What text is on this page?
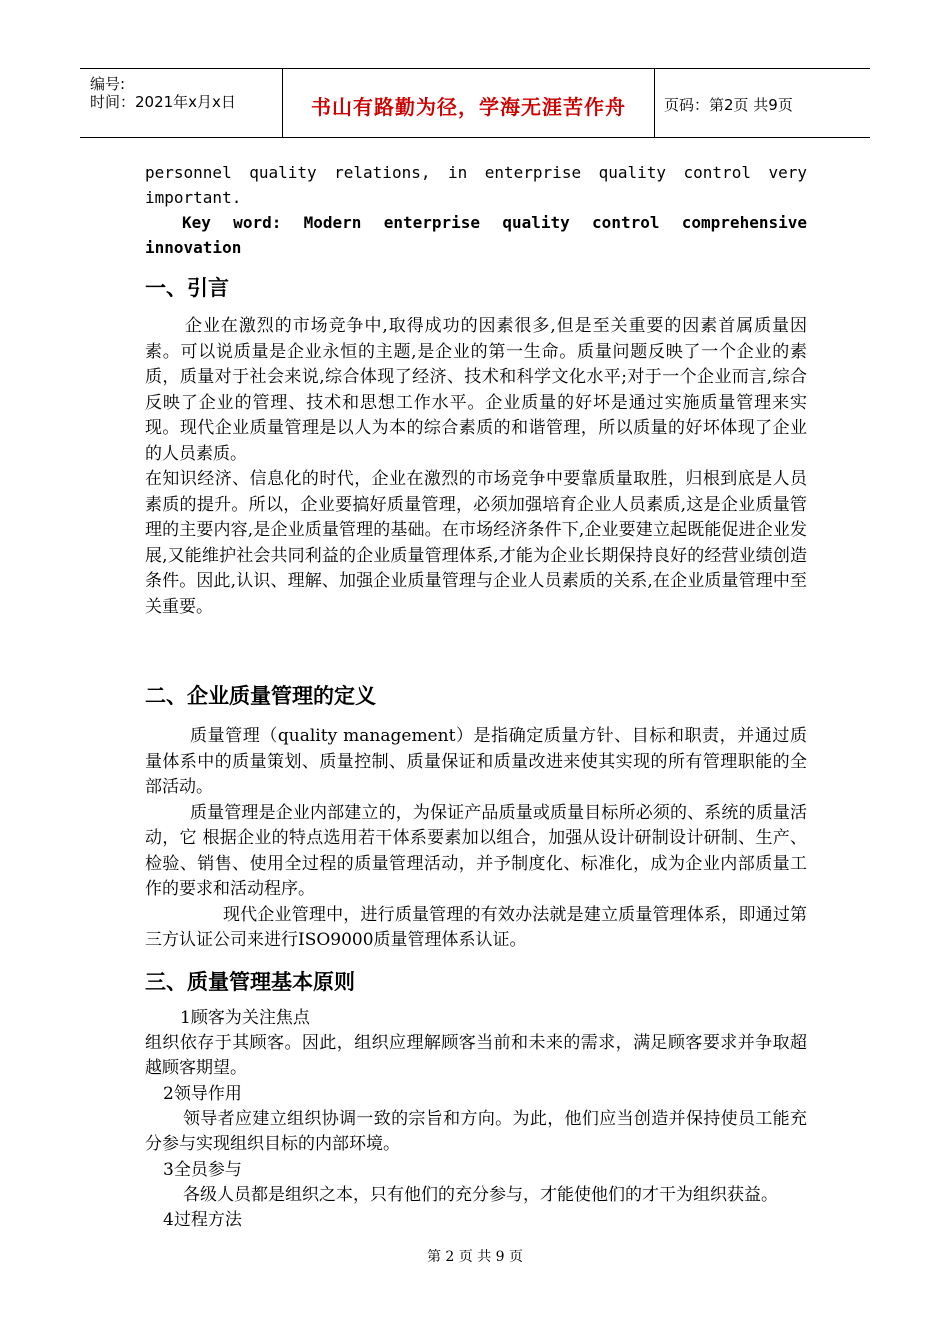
编号:
时间：2021年x月x日	书山有路勤为径，学海无涯苦作舟	页码：第2页 共9页
personnel quality relations, in enterprise quality control very
important.
Key word: Modern enterprise quality control comprehensive
innovation
一、引言

企业在激烈的市场竞争中,取得成功的因素很多,但是至关重要的因素首属质量因素。可以说质量是企业永恒的主题,是企业的第一生命。质量问题反映了一个企业的素质，质量对于社会来说,综合体现了经济、技术和科学文化水平;对于一个企业而言,综合反映了企业的管理、技术和思想工作水平。企业质量的好坏是通过实施质量管理来实现。现代企业质量管理是以人为本的综合素质的和谐管理，所以质量的好坏体现了企业的人员素质。

在知识经济、信息化的时代，企业在激烈的市场竞争中要靠质量取胜，归根到底是人员素质的提升。所以，企业要搞好质量管理，必须加强培育企业人员素质,这是企业质量管理的主要内容,是企业质量管理的基础。在市场经济条件下,企业要建立起既能促进企业发展,又能维护社会共同利益的企业质量管理体系,才能为企业长期保持良好的经营业绩创造条件。因此,认识、理解、加强企业质量管理与企业人员素质的关系,在企业质量管理中至关重要。

二、企业质量管理的定义

质量管理（quality management）是指确定质量方针、目标和职责，并通过质量体系中的质量策划、质量控制、质量保证和质量改进来使其实现的所有管理职能的全部活动。

质量管理是企业内部建立的，为保证产品质量或质量目标所必须的、系统的质量活动，它 根据企业的特点选用若干体系要素加以组合，加强从设计研制设计研制、生产、检验、销售、使用全过程的质量管理活动，并予制度化、标准化，成为企业内部质量工作的要求和活动程序。

现代企业管理中，进行质量管理的有效办法就是建立质量管理体系，即通过第三方认证公司来进行ISO9000质量管理体系认证。

三、质量管理基本原则
1顾客为关注焦点

组织依存于其顾客。因此，组织应理解顾客当前和未来的需求，满足顾客要求并争取超越顾客期望。

2领导作用

领导者应建立组织协调一致的宗旨和方向。为此，他们应当创造并保持使员工能充分参与实现组织目标的内部环境。

3全员参与

各级人员都是组织之本，只有他们的充分参与，才能使他们的才干为组织获益。

4过程方法
第 2 页 共 9 页
